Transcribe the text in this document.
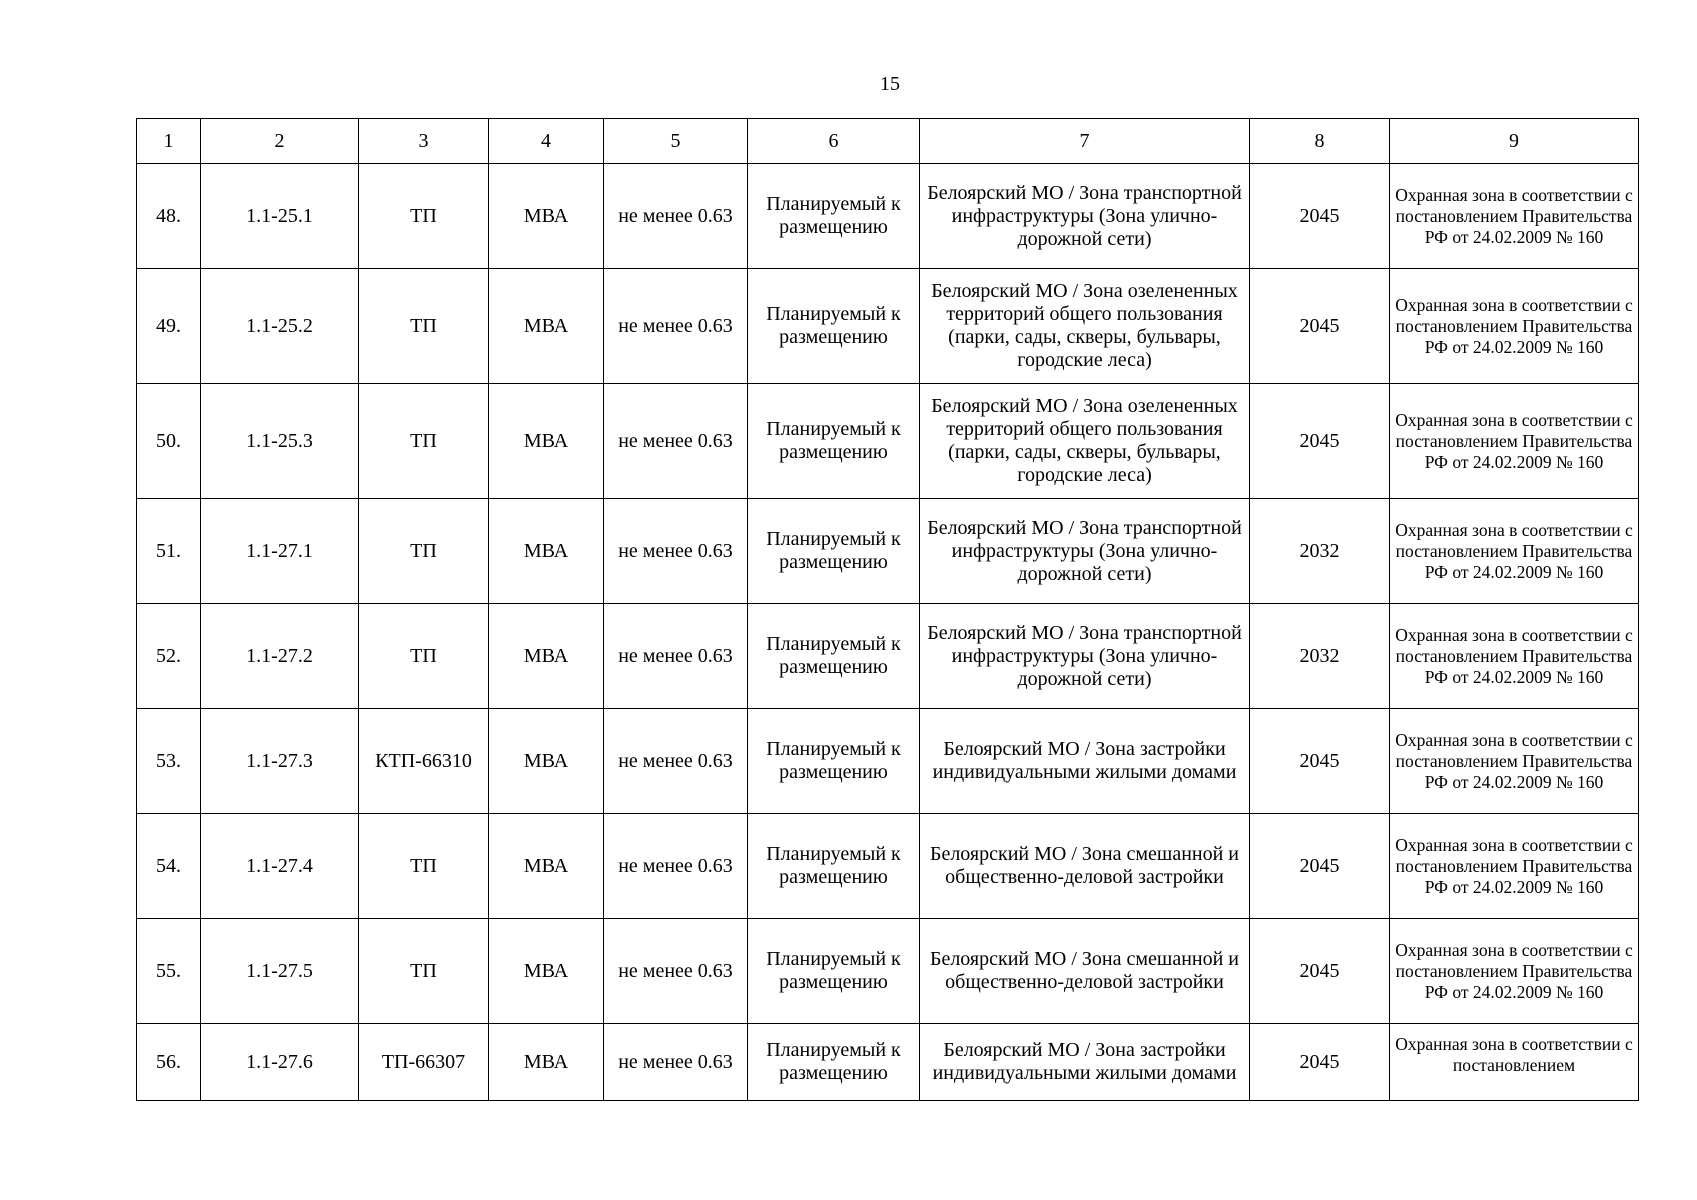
15
1	2	3	4	5	6	7	8	9
48.	1.1-25.1	ТП	МВА	не менее 0.63	Планируемый к размещению	Белоярский МО / Зона транспортной инфраструктуры (Зона улично-дорожной сети)	2045	Охранная зона в соответствии с постановлением Правительства РФ от 24.02.2009 № 160
49.	1.1-25.2	ТП	МВА	не менее 0.63	Планируемый к размещению	Белоярский МО / Зона озелененных территорий общего пользования (парки, сады, скверы, бульвары, городские леса)	2045	Охранная зона в соответствии с постановлением Правительства РФ от 24.02.2009 № 160
50.	1.1-25.3	ТП	МВА	не менее 0.63	Планируемый к размещению	Белоярский МО / Зона озелененных территорий общего пользования (парки, сады, скверы, бульвары, городские леса)	2045	Охранная зона в соответствии с постановлением Правительства РФ от 24.02.2009 № 160
51.	1.1-27.1	ТП	МВА	не менее 0.63	Планируемый к размещению	Белоярский МО / Зона транспортной инфраструктуры (Зона улично-дорожной сети)	2032	Охранная зона в соответствии с постановлением Правительства РФ от 24.02.2009 № 160
52.	1.1-27.2	ТП	МВА	не менее 0.63	Планируемый к размещению	Белоярский МО / Зона транспортной инфраструктуры (Зона улично-дорожной сети)	2032	Охранная зона в соответствии с постановлением Правительства РФ от 24.02.2009 № 160
53.	1.1-27.3	КТП-66310	МВА	не менее 0.63	Планируемый к размещению	Белоярский МО / Зона застройки индивидуальными жилыми домами	2045	Охранная зона в соответствии с постановлением Правительства РФ от 24.02.2009 № 160
54.	1.1-27.4	ТП	МВА	не менее 0.63	Планируемый к размещению	Белоярский МО / Зона смешанной и общественно-деловой застройки	2045	Охранная зона в соответствии с постановлением Правительства РФ от 24.02.2009 № 160
55.	1.1-27.5	ТП	МВА	не менее 0.63	Планируемый к размещению	Белоярский МО / Зона смешанной и общественно-деловой застройки	2045	Охранная зона в соответствии с постановлением Правительства РФ от 24.02.2009 № 160
56.	1.1-27.6	ТП-66307	МВА	не менее 0.63	Планируемый к размещению	Белоярский МО / Зона застройки индивидуальными жилыми домами	2045	Охранная зона в соответствии с постановлением
